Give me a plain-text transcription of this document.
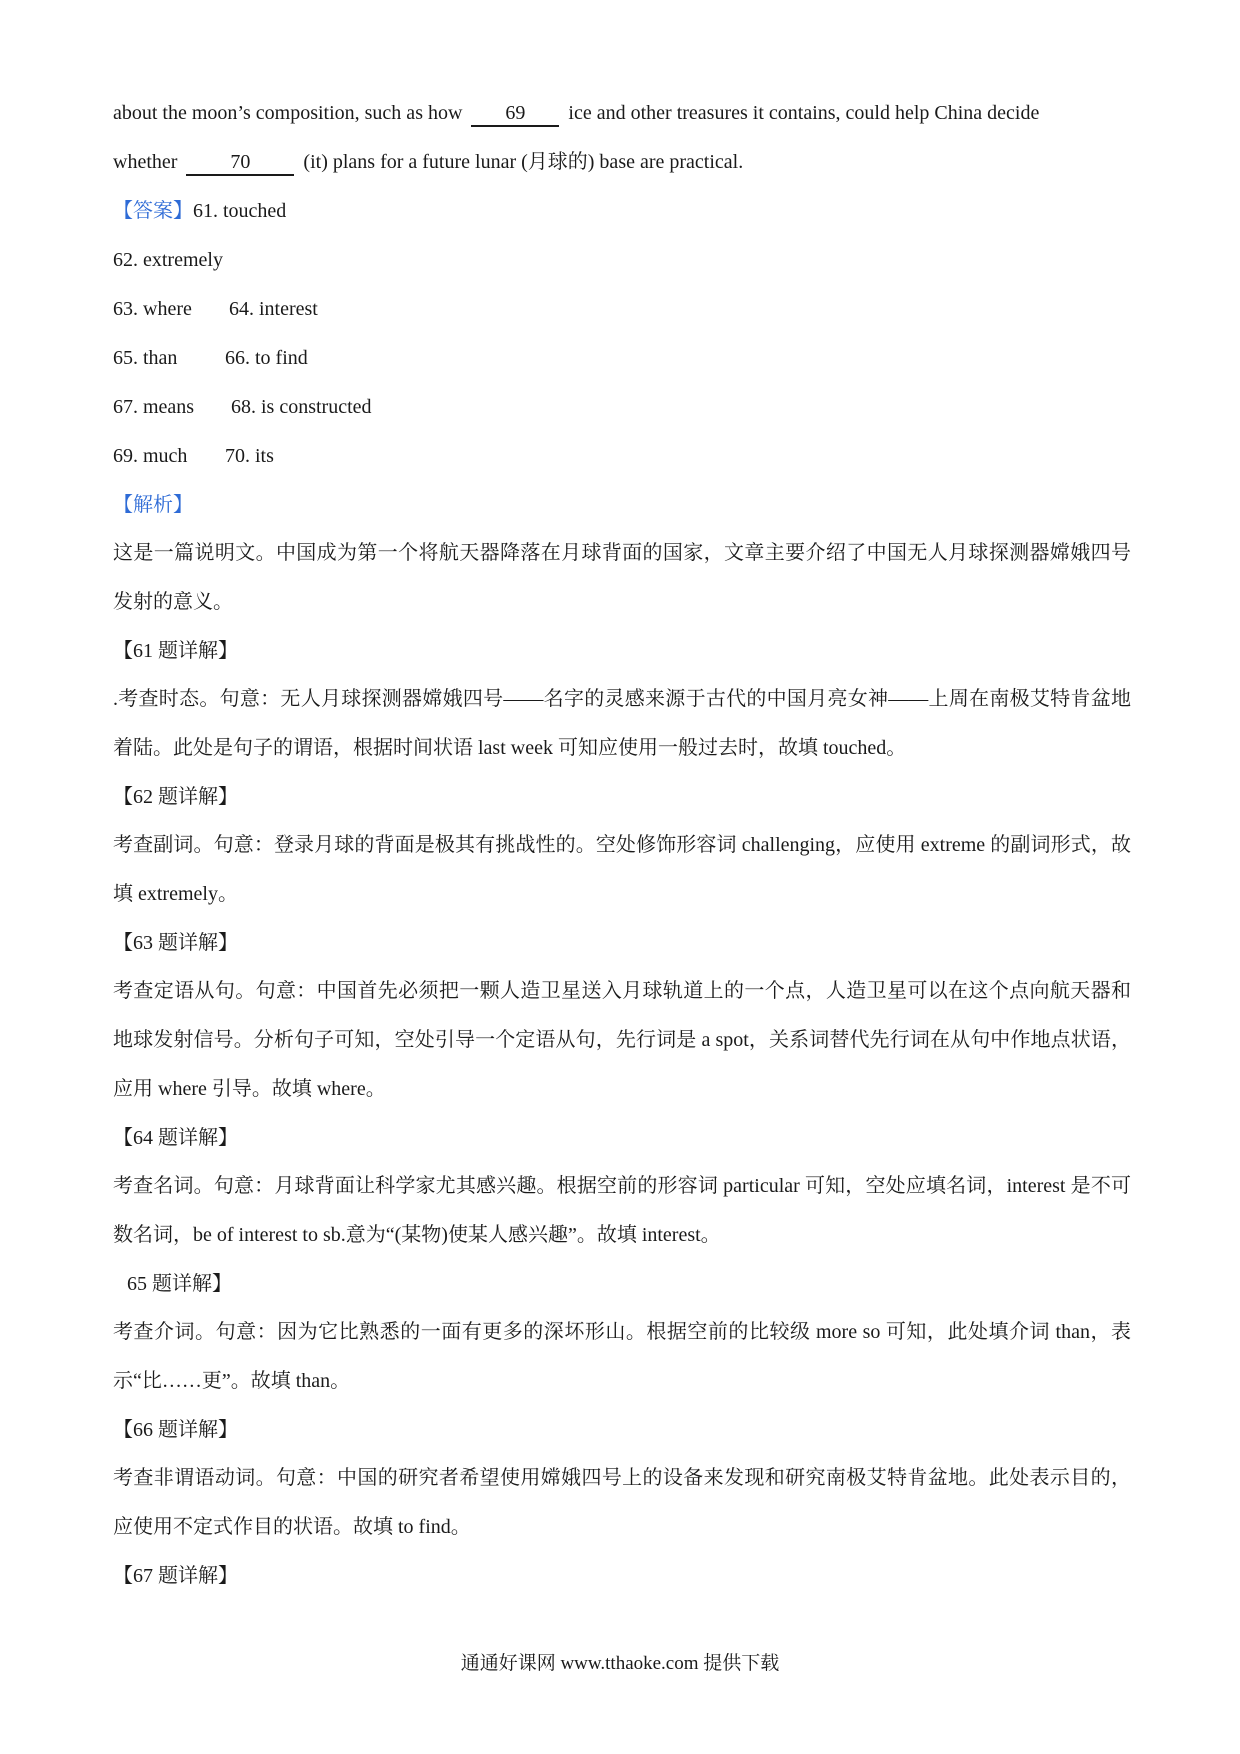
about the moon’s composition, such as how 69 ice and other treasures it contains, could help China decide
whether	70	(it) plans for a future lunar (月球的) base are practical.
【答案】61. touched
62. extremely
63. where 64. interest
65. than 66. to find
67. means 68. is constructed
69. much 70. its
【解析】
这是一篇说明文。中国成为第一个将航天器降落在月球背面的国家，文章主要介绍了中国无人月球探测器嫦娥四号发射的意义。
【61 题详解】
.考查时态。句意：无人月球探测器嫦娥四号——名字的灵感来源于古代的中国月亮女神——上周在南极艾特肯盆地着陆。此处是句子的谓语，根据时间状语 last week 可知应使用一般过去时，故填 touched。
【62 题详解】
考查副词。句意：登录月球的背面是极其有挑战性的。空处修饰形容词 challenging，应使用 extreme 的副词形式，故填 extremely。
【63 题详解】
考查定语从句。句意：中国首先必须把一颗人造卫星送入月球轨道上的一个点，人造卫星可以在这个点向航天器和地球发射信号。分析句子可知，空处引导一个定语从句，先行词是 a spot，关系词替代先行词在从句中作地点状语，应用 where 引导。故填 where。
【64 题详解】
考查名词。句意：月球背面让科学家尤其感兴趣。根据空前的形容词 particular 可知，空处应填名词，interest 是不可数名词，be of interest to sb.意为“(某物)使某人感兴趣”。故填 interest。
65 题详解】
考查介词。句意：因为它比熟悉的一面有更多的深坏形山。根据空前的比较级 more so 可知，此处填介词 than，表示“比……更”。故填 than。
【66 题详解】
考查非谓语动词。句意：中国的研究者希望使用嫦娥四号上的设备来发现和研究南极艾特肯盆地。此处表示目的，应使用不定式作目的状语。故填 to find。
【67 题详解】
通通好课网 www.tthaoke.com 提供下载
